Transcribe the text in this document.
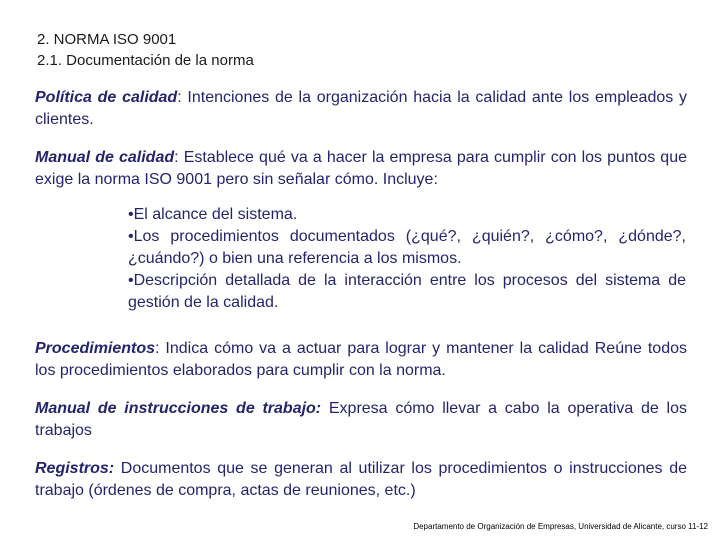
2. NORMA ISO 9001
2.1. Documentación de la norma
Política de calidad: Intenciones de la organización hacia la calidad ante los empleados y clientes.
Manual de calidad: Establece qué va a hacer la empresa para cumplir con los puntos que exige la norma ISO 9001 pero sin señalar cómo. Incluye:
•El alcance del sistema.
•Los procedimientos documentados (¿qué?, ¿quién?, ¿cómo?, ¿dónde?, ¿cuándo?) o bien una referencia a los mismos.
•Descripción detallada de la interacción entre los procesos del sistema de gestión de la calidad.
Procedimientos: Indica cómo va a actuar para lograr y mantener la calidad Reúne todos los procedimientos elaborados para cumplir con la norma.
Manual de instrucciones de trabajo: Expresa cómo llevar a cabo la operativa de los trabajos
Registros: Documentos que se generan al utilizar los procedimientos o instrucciones de trabajo (órdenes de compra, actas de reuniones, etc.)
Departamento de Organización de Empresas, Universidad de Alicante, curso 11-12
